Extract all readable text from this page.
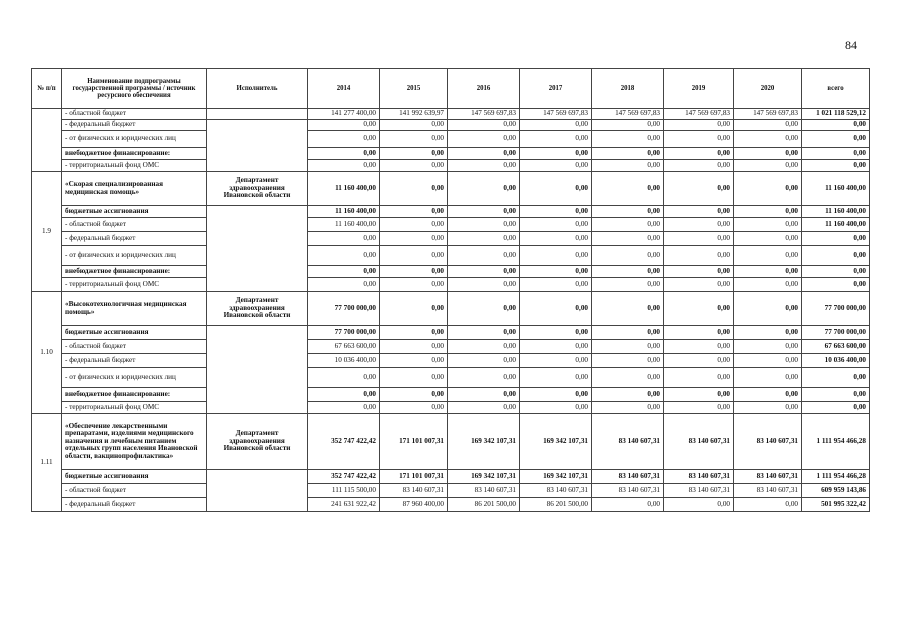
84
№ п/п	Наименование подпрограммы государственной программы / источник ресурсного обеспечения	Исполнитель	2014	2015	2016	2017	2018	2019	2020	всего
	- областной бюджет		141 277 400,00	141 992 639,97	147 569 697,83	147 569 697,83	147 569 697,83	147 569 697,83	147 569 697,83	1 021 118 529,12
	- федеральный бюджет		0,00	0,00	0,00	0,00	0,00	0,00	0,00	0,00
	- от физических и юридических лиц		0,00	0,00	0,00	0,00	0,00	0,00	0,00	0,00
	внебюджетное финансирование:		0,00	0,00	0,00	0,00	0,00	0,00	0,00	0,00
	- территориальный фонд ОМС		0,00	0,00	0,00	0,00	0,00	0,00	0,00	0,00
1.9	«Скорая специализированная медицинская помощь»	Департамент здравоохранения Ивановской области	11 160 400,00	0,00	0,00	0,00	0,00	0,00	0,00	11 160 400,00
	бюджетные ассигнования		11 160 400,00	0,00	0,00	0,00	0,00	0,00	0,00	11 160 400,00
	- областной бюджет		11 160 400,00	0,00	0,00	0,00	0,00	0,00	0,00	11 160 400,00
	- федеральный бюджет		0,00	0,00	0,00	0,00	0,00	0,00	0,00	0,00
	- от физических и юридических лиц		0,00	0,00	0,00	0,00	0,00	0,00	0,00	0,00
	внебюджетное финансирование:		0,00	0,00	0,00	0,00	0,00	0,00	0,00	0,00
	- территориальный фонд ОМС		0,00	0,00	0,00	0,00	0,00	0,00	0,00	0,00
1.10	«Высокотехнологичная медицинская помощь»	Департамент здравоохранения Ивановской области	77 700 000,00	0,00	0,00	0,00	0,00	0,00	0,00	77 700 000,00
	бюджетные ассигнования		77 700 000,00	0,00	0,00	0,00	0,00	0,00	0,00	77 700 000,00
	- областной бюджет		67 663 600,00	0,00	0,00	0,00	0,00	0,00	0,00	67 663 600,00
	- федеральный бюджет		10 036 400,00	0,00	0,00	0,00	0,00	0,00	0,00	10 036 400,00
	- от физических и юридических лиц		0,00	0,00	0,00	0,00	0,00	0,00	0,00	0,00
	внебюджетное финансирование:		0,00	0,00	0,00	0,00	0,00	0,00	0,00	0,00
	- территориальный фонд ОМС		0,00	0,00	0,00	0,00	0,00	0,00	0,00	0,00
1.11	«Обеспечение лекарственными препаратами, изделиями медицинского назначения и лечебным питанием отдельных групп населения Ивановской области, вакцинопрофилактика»	Департамент здравоохранения Ивановской области	352 747 422,42	171 101 007,31	169 342 107,31	169 342 107,31	83 140 607,31	83 140 607,31	83 140 607,31	1 111 954 466,28
	бюджетные ассигнования		352 747 422,42	171 101 007,31	169 342 107,31	169 342 107,31	83 140 607,31	83 140 607,31	83 140 607,31	1 111 954 466,28
	- областной бюджет		111 115 500,00	83 140 607,31	83 140 607,31	83 140 607,31	83 140 607,31	83 140 607,31	83 140 607,31	609 959 143,86
	- федеральный бюджет		241 631 922,42	87 960 400,00	86 201 500,00	86 201 500,00	0,00	0,00	0,00	501 995 322,42
